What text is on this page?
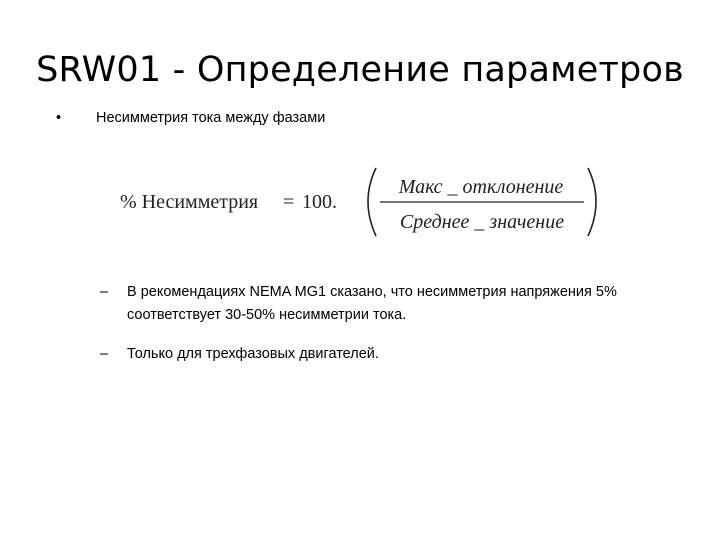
SRW01 - Определение параметров
• Несимметрия тока между фазами
% Несимметрия = 100.
Макс _ отклонение
Среднее _ значение
–	В рекомендациях NEMA MG1 сказано, что несимметрия напряжения 5% соответствует 30-50% несимметрии тока.
–	Только для трехфазовых двигателей.
